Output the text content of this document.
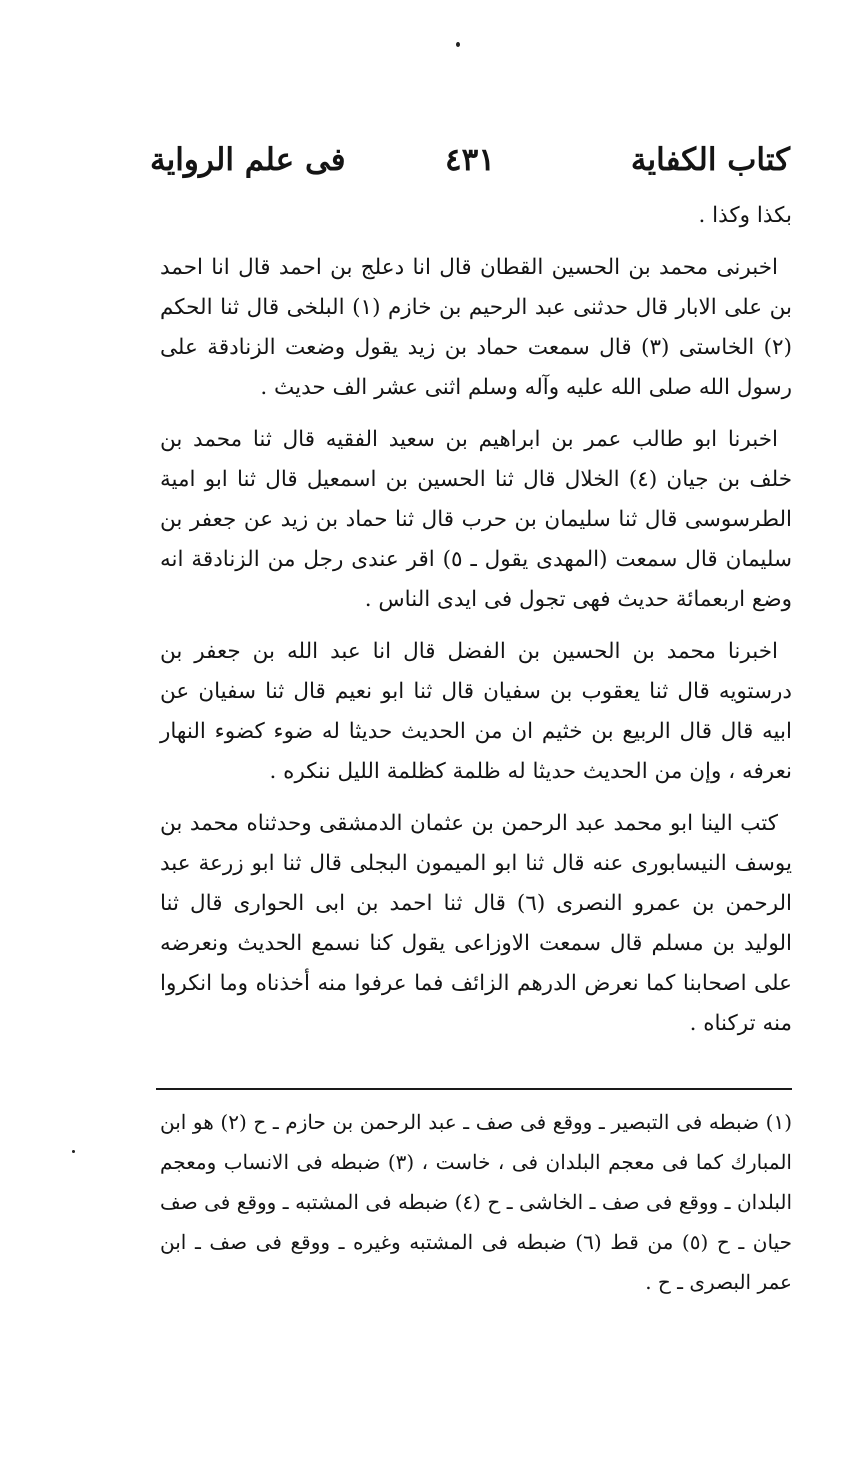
كتاب الكفاية
٤٣١
فى علم الرواية

بكذا وكذا .

اخبرنى محمد بن الحسين القطان قال انا دعلج بن احمد قال انا احمد بن على الابار قال حدثنى عبد الرحيم بن خازم (١) البلخى قال ثنا الحكم (٢) الخاستى (٣) قال سمعت حماد بن زيد يقول وضعت الزنادقة على رسول الله صلى الله عليه وآله وسلم اثنى عشر الف حديث .

اخبرنا ابو طالب عمر بن ابراهيم بن سعيد الفقيه قال ثنا محمد بن خلف بن جيان (٤) الخلال قال ثنا الحسين بن اسمعيل قال ثنا ابو امية الطرسوسى قال ثنا سليمان بن حرب قال ثنا حماد بن زيد عن جعفر بن سليمان قال سمعت (المهدى يقول ـ ٥) اقر عندى رجل من الزنادقة انه وضع اربعمائة حديث فهى تجول فى ايدى الناس .

اخبرنا محمد بن الحسين بن الفضل قال انا عبد الله بن جعفر بن درستويه قال ثنا يعقوب بن سفيان قال ثنا ابو نعيم قال ثنا سفيان عن ابيه قال قال الربيع بن خثيم ان من الحديث حديثا له ضوء كضوء النهار نعرفه ، وإن من الحديث حديثا له ظلمة كظلمة الليل ننكره .

كتب الينا ابو محمد عبد الرحمن بن عثمان الدمشقى وحدثناه محمد بن يوسف النيسابورى عنه قال ثنا ابو الميمون البجلى قال ثنا ابو زرعة عبد الرحمن بن عمرو النصرى (٦) قال ثنا احمد بن ابى الحوارى قال ثنا الوليد بن مسلم قال سمعت الاوزاعى يقول كنا نسمع الحديث ونعرضه على اصحابنا كما نعرض الدرهم الزائف فما عرفوا منه أخذناه وما انكروا منه تركناه .

(١) ضبطه فى التبصير ـ ووقع فى صف ـ عبد الرحمن بن حازم ـ ح (٢) هو ابن المبارك كما فى معجم البلدان فى ، خاست ، (٣) ضبطه فى الانساب ومعجم البلدان ـ ووقع فى صف ـ الخاشى ـ ح (٤) ضبطه فى المشتبه ـ ووقع فى صف حيان ـ ح (٥) من قط (٦) ضبطه فى المشتبه وغيره ـ ووقع فى صف ـ ابن عمر البصرى ـ ح .
